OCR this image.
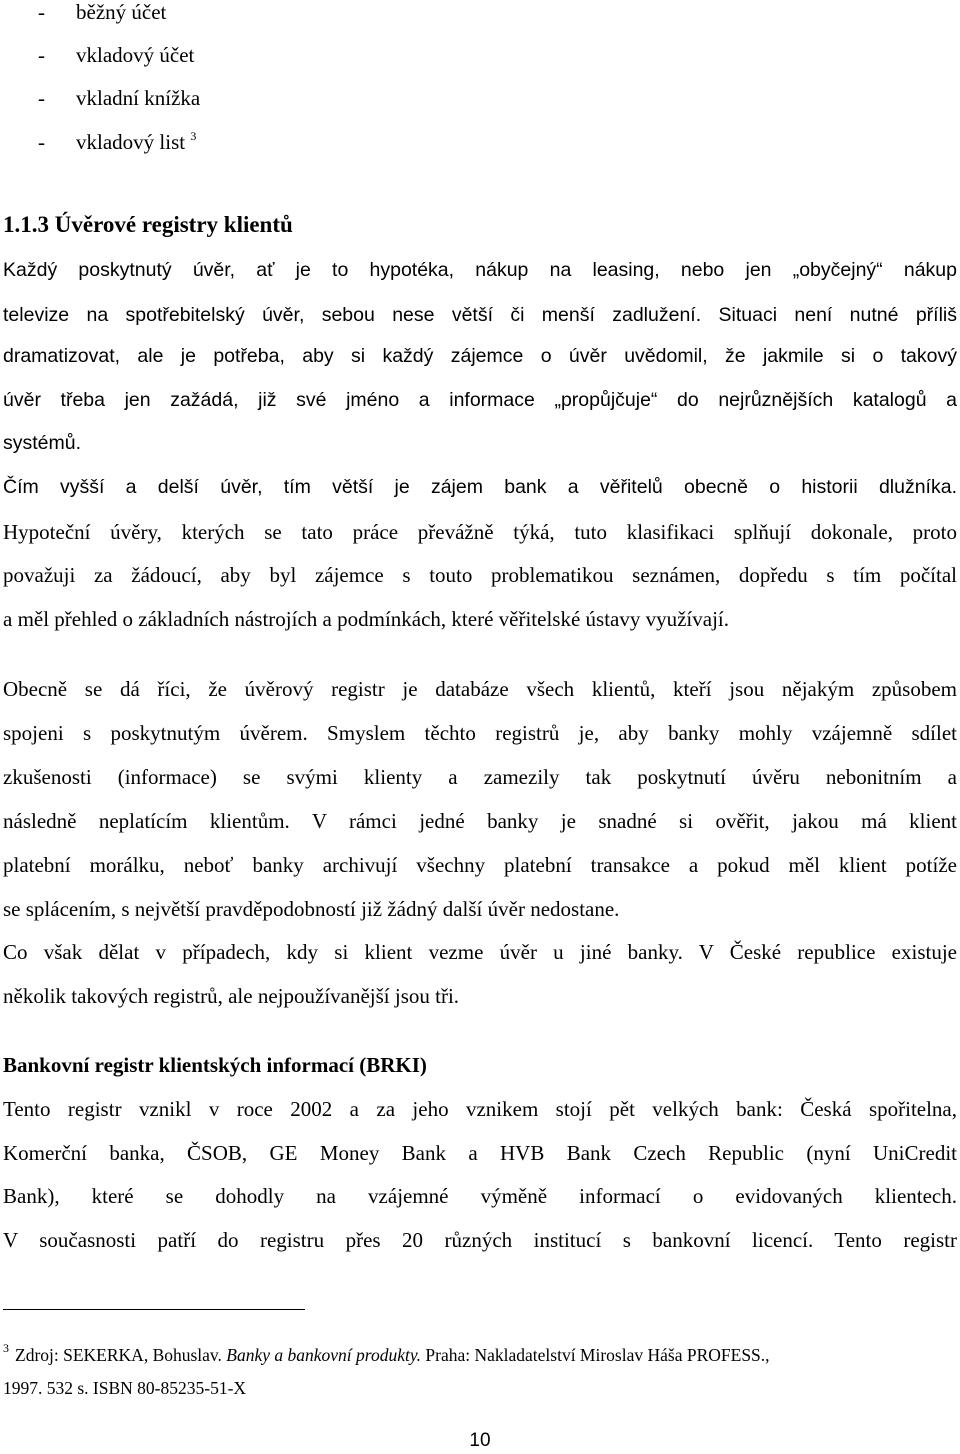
- běžný účet
- vkladový účet
- vkladní knížka
- vkladový list $^3$
1.1.3 Úvěrové registry klientů
Každý poskytnutý úvěr, ať je to hypotéka, nákup na leasing, nebo jen „obyčejný“ nákup
televize na spotřebitelský úvěr, sebou nese větší či menší zadlužení. Situaci není nutné příliš
dramatizovat, ale je potřeba, aby si každý zájemce o úvěr uvědomil, že jakmile si o takový
úvěr třeba jen zažádá, již své jméno a informace „propůjčuje“ do nejrůznějších katalogů a
systémů.
Čím vyšší a delší úvěr, tím větší je zájem bank a věřitelů obecně o historii dlužníka.
Hypoteční úvěry, kterých se tato práce převážně týká, tuto klasifikaci splňují dokonale, proto
považuji za žádoucí, aby byl zájemce s touto problematikou seznámen, dopředu s tím počítal
a měl přehled o základních nástrojích a podmínkách, které věřitelské ústavy využívají.
Obecně se dá říci, že úvěrový registr je databáze všech klientů, kteří jsou nějakým způsobem
spojeni s poskytnutým úvěrem. Smyslem těchto registrů je, aby banky mohly vzájemně sdílet
zkušenosti (informace) se svými klienty a zamezily tak poskytnutí úvěru nebonitním a
následně neplatícím klientům. V rámci jedné banky je snadné si ověřit, jakou má klient
platební morálku, neboť banky archivují všechny platební transakce a pokud měl klient potíže
se splácením, s největší pravděpodobností již žádný další úvěr nedostane.
Co však dělat v případech, kdy si klient vezme úvěr u jiné banky. V České republice existuje
několik takových registrů, ale nejpoužívanější jsou tři.
Bankovní registr klientských informací (BRKI)
Tento registr vznikl v roce 2002 a za jeho vznikem stojí pět velkých bank: Česká spořitelna,
Komerční banka, ČSOB, GE Money Bank a HVB Bank Czech Republic (nyní UniCredit
Bank), které se dohodly na vzájemné výměně informací o evidovaných klientech.
V současnosti patří do registru přes 20 různých institucí s bankovní licencí. Tento registr
$^3$ Zdroj: SEKERKA, Bohuslav. Banky a bankovní produkty. Praha: Nakladatelství Miroslav Háša PROFESS.,
1997. 532 s. ISBN 80-85235-51-X
10
